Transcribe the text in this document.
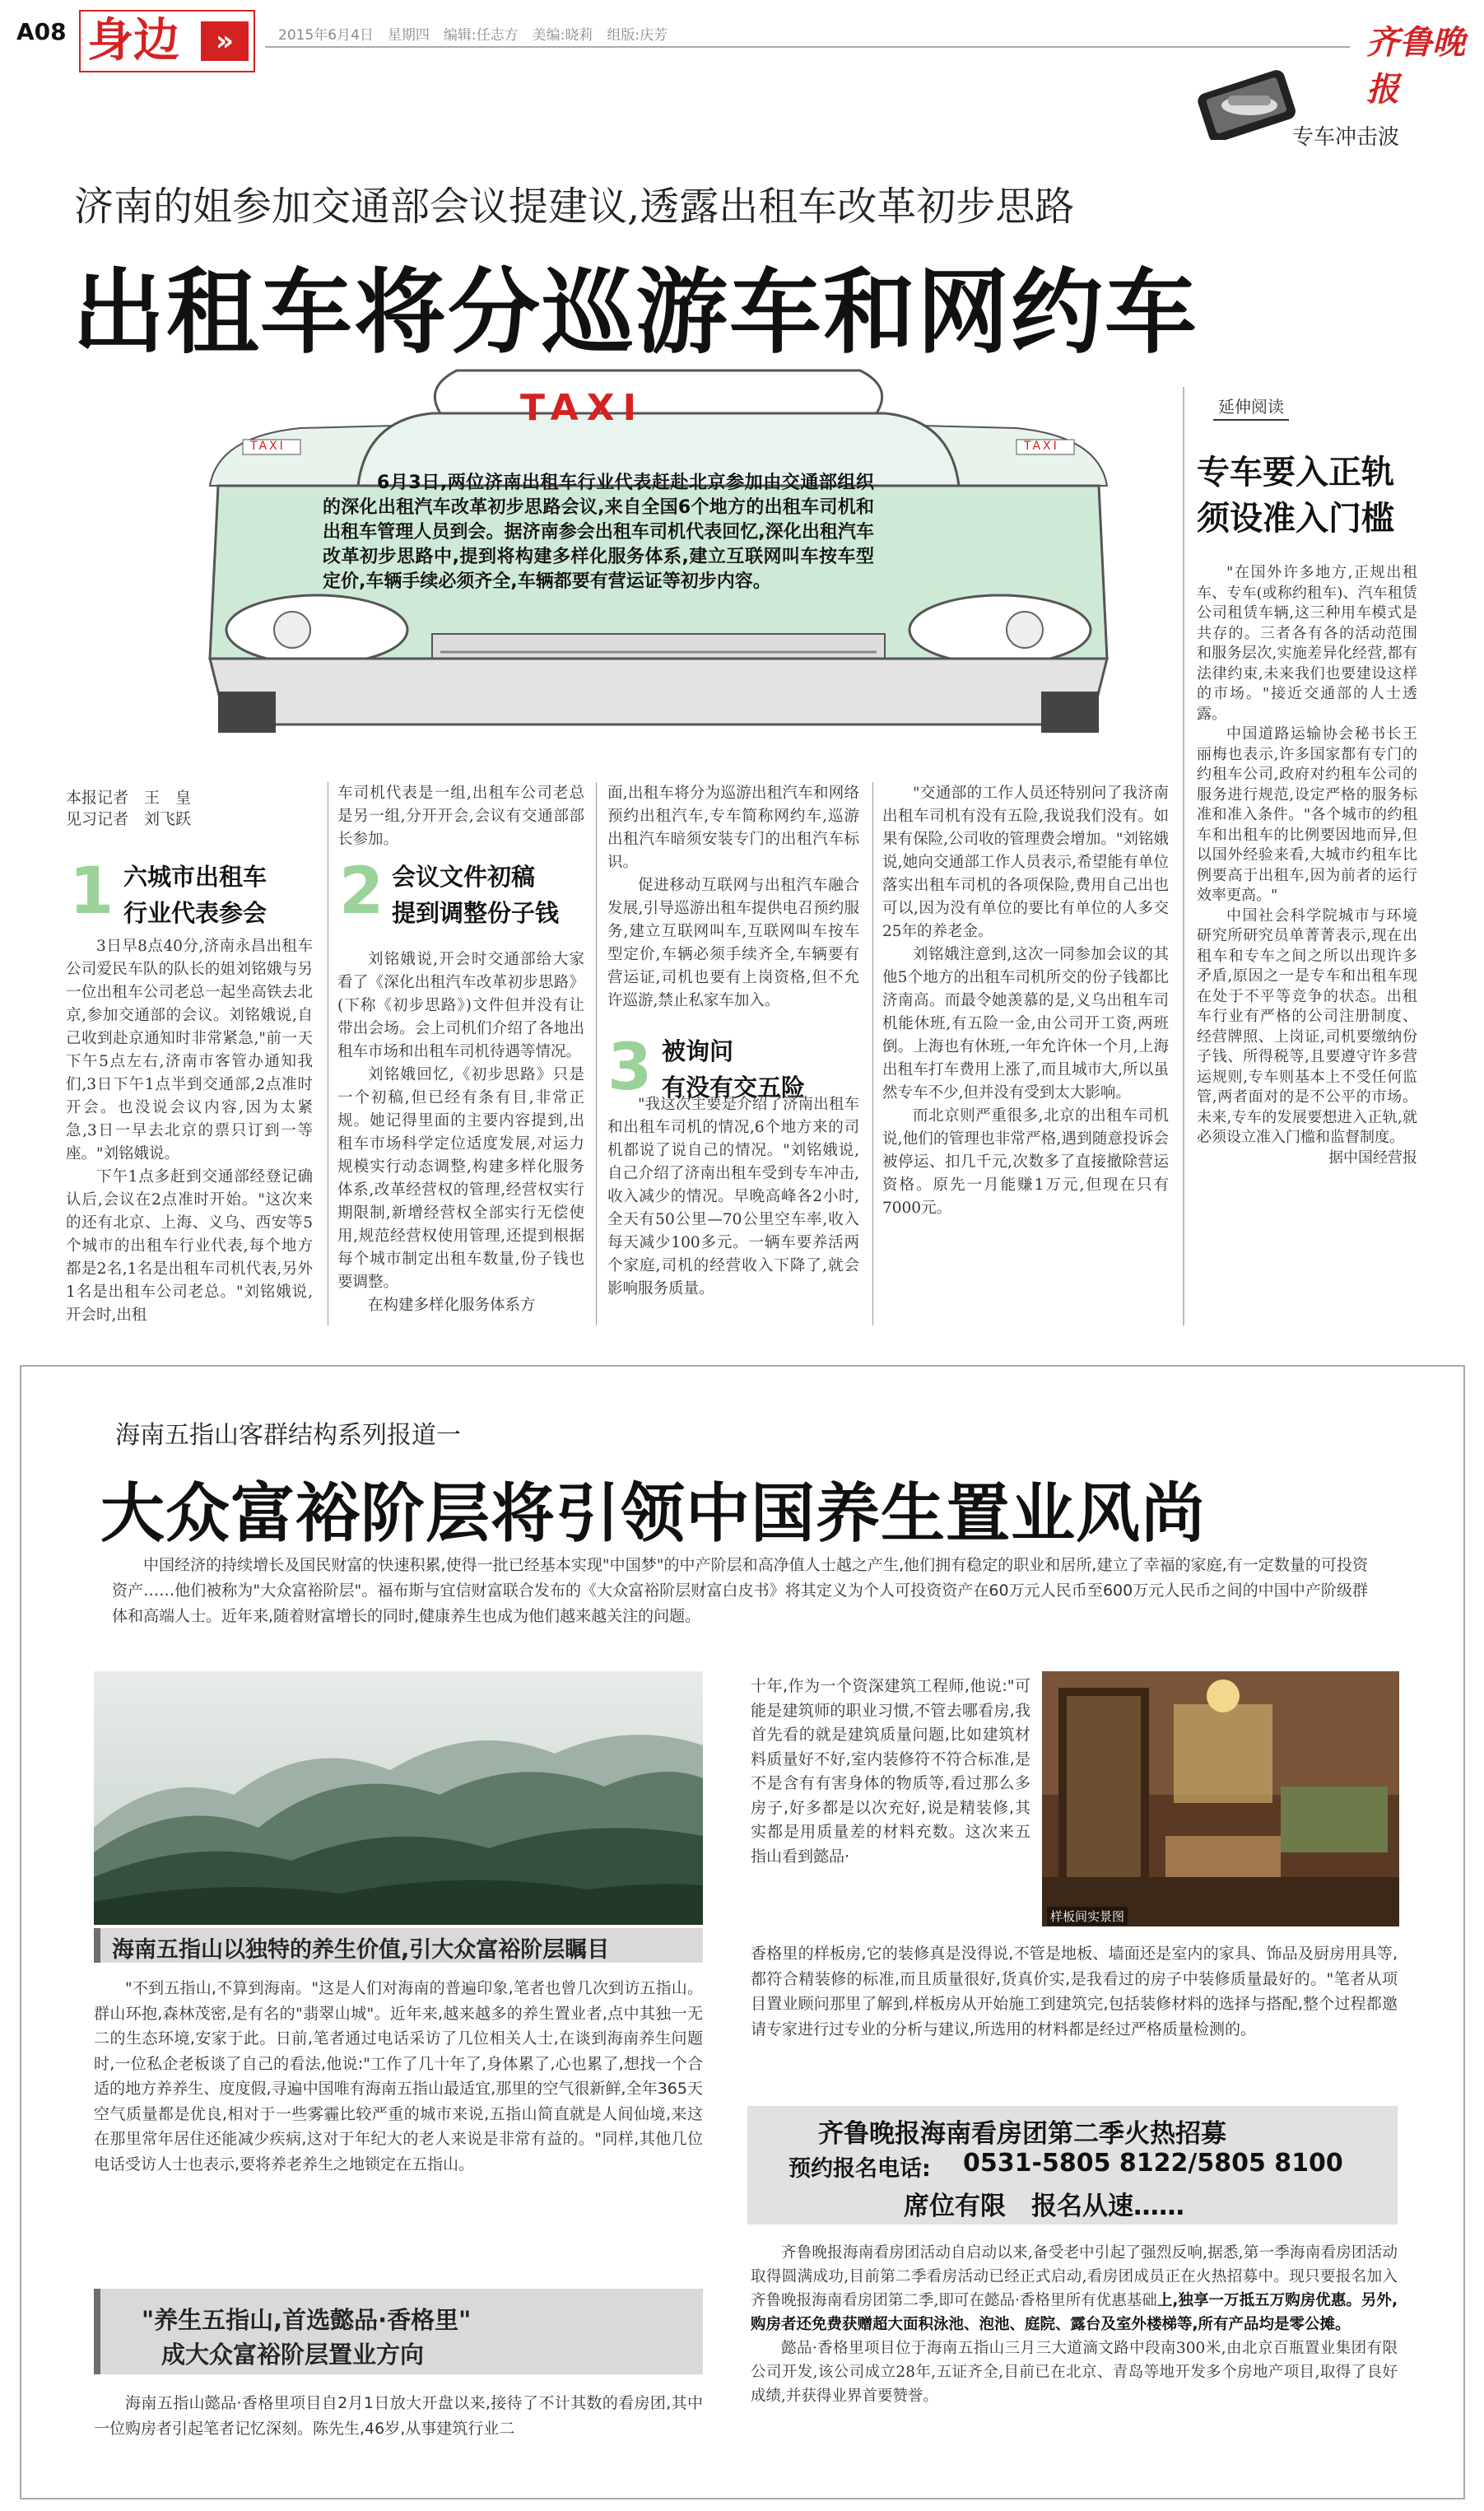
A08 身边	»	2015年6月4日　星期四　编辑:任志方　美编:晓莉　组版:庆芳	齐鲁晚报
专车冲击波
济南的姐参加交通部会议提建议,透露出租车改革初步思路
出租车将分巡游车和网约车
TAXI
TAXI	TAXI

6月3日,两位济南出租车行业代表赶赴北京参加由交通部组织的深化出租汽车改革初步思路会议,来自全国6个地方的出租车司机和出租车管理人员到会。据济南参会出租车司机代表回忆,深化出租汽车改革初步思路中,提到将构建多样化服务体系,建立互联网叫车按车型定价,车辆手续必须齐全,车辆都要有营运证等初步内容。

延伸阅读
专车要入正轨
须设准入门槛

"在国外许多地方,正规出租车、专车(或称约租车)、汽车租赁公司租赁车辆,这三种用车模式是共存的。三者各有各的活动范围和服务层次,实施差异化经营,都有法律约束,未来我们也要建设这样的市场。"接近交通部的人士透露。

中国道路运输协会秘书长王丽梅也表示,许多国家都有专门的约租车公司,政府对约租车公司的服务进行规范,设定严格的服务标准和准入条件。"各个城市的约租车和出租车的比例要因地而异,但以国外经验来看,大城市约租车比例要高于出租车,因为前者的运行效率更高。"

中国社会科学院城市与环境研究所研究员单菁菁表示,现在出租车和专车之间之所以出现许多矛盾,原因之一是专车和出租车现在处于不平等竞争的状态。出租车行业有严格的公司注册制度、经营牌照、上岗证,司机要缴纳份子钱、所得税等,且要遵守许多营运规则,专车则基本上不受任何监管,两者面对的是不公平的市场。未来,专车的发展要想进入正轨,就必须设立准入门槛和监督制度。

据中国经营报

本报记者　王　皇
见习记者　刘飞跃
1 六城市出租车
行业代表参会 2 会议文件初稿
提到调整份子钱
3 被询问
有没有交五险

3日早8点40分,济南永昌出租车公司爱民车队的队长的姐刘铭娥与另一位出租车公司老总一起坐高铁去北京,参加交通部的会议。刘铭娥说,自己收到赴京通知时非常紧急,"前一天下午5点左右,济南市客管办通知我们,3日下午1点半到交通部,2点准时开会。也没说会议内容,因为太紧急,3日一早去北京的票只订到一等座。"刘铭娥说。

下午1点多赶到交通部经登记确认后,会议在2点准时开始。"这次来的还有北京、上海、义乌、西安等5个城市的出租车行业代表,每个地方都是2名,1名是出租车司机代表,另外1名是出租车公司老总。"刘铭娥说,开会时,出租

车司机代表是一组,出租车公司老总是另一组,分开开会,会议有交通部部长参加。

刘铭娥说,开会时交通部给大家看了《深化出租汽车改革初步思路》(下称《初步思路》)文件但并没有让带出会场。会上司机们介绍了各地出租车市场和出租车司机待遇等情况。

刘铭娥回忆,《初步思路》只是一个初稿,但已经有条有目,非常正规。她记得里面的主要内容提到,出租车市场科学定位适度发展,对运力规模实行动态调整,构建多样化服务体系,改革经营权的管理,经营权实行期限制,新增经营权全部实行无偿使用,规范经营权使用管理,还提到根据每个城市制定出租车数量,份子钱也要调整。

在构建多样化服务体系方

面,出租车将分为巡游出租汽车和网络预约出租汽车,专车简称网约车,巡游出租汽车暗须安装专门的出租汽车标识。

促进移动互联网与出租汽车融合发展,引导巡游出租车提供电召预约服务,建立互联网叫车,互联网叫车按车型定价,车辆必须手续齐全,车辆要有营运证,司机也要有上岗资格,但不允许巡游,禁止私家车加入。

"我这次主要是介绍了济南出租车和出租车司机的情况,6个地方来的司机都说了说自己的情况。"刘铭娥说,自己介绍了济南出租车受到专车冲击,收入减少的情况。早晚高峰各2小时,全天有50公里—70公里空车率,收入每天减少100多元。一辆车要养活两个家庭,司机的经营收入下降了,就会影响服务质量。

"交通部的工作人员还特别问了我济南出租车司机有没有五险,我说我们没有。如果有保险,公司收的管理费会增加。"刘铭娥说,她向交通部工作人员表示,希望能有单位落实出租车司机的各项保险,费用自己出也可以,因为没有单位的要比有单位的人多交25年的养老金。

刘铭娥注意到,这次一同参加会议的其他5个地方的出租车司机所交的份子钱都比济南高。而最令她羡慕的是,义乌出租车司机能休班,有五险一金,由公司开工资,两班倒。上海也有休班,一年允许休一个月,上海出租车打车费用上涨了,而且城市大,所以虽然专车不少,但并没有受到太大影响。

而北京则严重很多,北京的出租车司机说,他们的管理也非常严格,遇到随意投诉会被停运、扣几千元,次数多了直接撤除营运资格。原先一月能赚1万元,但现在只有7000元。

海南五指山客群结构系列报道一
大众富裕阶层将引领中国养生置业风尚

中国经济的持续增长及国民财富的快速积累,使得一批已经基本实现"中国梦"的中产阶层和高净值人士越之产生,他们拥有稳定的职业和居所,建立了幸福的家庭,有一定数量的可投资资产……他们被称为"大众富裕阶层"。福布斯与宜信财富联合发布的《大众富裕阶层财富白皮书》将其定义为个人可投资资产在60万元人民币至600万元人民币之间的中国中产阶级群体和高端人士。近年来,随着财富增长的同时,健康养生也成为他们越来越关注的问题。

海南五指山以独特的养生价值,引大众富裕阶层瞩目

"不到五指山,不算到海南。"这是人们对海南的普遍印象,笔者也曾几次到访五指山。群山环抱,森林茂密,是有名的"翡翠山城"。近年来,越来越多的养生置业者,点中其独一无二的生态环境,安家于此。日前,笔者通过电话采访了几位相关人士,在谈到海南养生问题时,一位私企老板谈了自己的看法,他说:"工作了几十年了,身体累了,心也累了,想找一个合适的地方养养生、度度假,寻遍中国唯有海南五指山最适宜,那里的空气很新鲜,全年365天空气质量都是优良,相对于一些雾霾比较严重的城市来说,五指山简直就是人间仙境,来这在那里常年居住还能减少疾病,这对于年纪大的老人来说是非常有益的。"同样,其他几位电话受访人士也表示,要将养老养生之地锁定在五指山。

"养生五指山,首选懿品·香格里"
成大众富裕阶层置业方向

海南五指山懿品·香格里项目自2月1日放大开盘以来,接待了不计其数的看房团,其中一位购房者引起笔者记忆深刻。陈先生,46岁,从事建筑行业二

十年,作为一个资深建筑工程师,他说:"可能是建筑师的职业习惯,不管去哪看房,我首先看的就是建筑质量问题,比如建筑材料质量好不好,室内装修符不符合标准,是不是含有有害身体的物质等,看过那么多房子,好多都是以次充好,说是精装修,其实都是用质量差的材料充数。这次来五指山看到懿品·

样板间实景图

香格里的样板房,它的装修真是没得说,不管是地板、墙面还是室内的家具、饰品及厨房用具等,都符合精装修的标准,而且质量很好,货真价实,是我看过的房子中装修质量最好的。"笔者从项目置业顾问那里了解到,样板房从开始施工到建筑完,包括装修材料的选择与搭配,整个过程都邀请专家进行过专业的分析与建议,所选用的材料都是经过严格质量检测的。

齐鲁晚报海南看房团第二季火热招募
预约报名电话: 0531-5805 8122/5805 8100
席位有限　报名从速……

齐鲁晚报海南看房团活动自启动以来,备受老中引起了强烈反响,据悉,第一季海南看房团活动取得圆满成功,目前第二季看房活动已经正式启动,看房团成员正在火热招募中。现只要报名加入齐鲁晚报海南看房团第二季,即可在懿品·香格里所有优惠基础上,独享一万抵五万购房优惠。另外,购房者还免费获赠超大面积泳池、泡池、庭院、露台及室外楼梯等,所有产品均是零公摊。

懿品·香格里项目位于海南五指山三月三大道滴文路中段南300米,由北京百瓶置业集团有限公司开发,该公司成立28年,五证齐全,目前已在北京、青岛等地开发多个房地产项目,取得了良好成绩,并获得业界首要赞誉。
